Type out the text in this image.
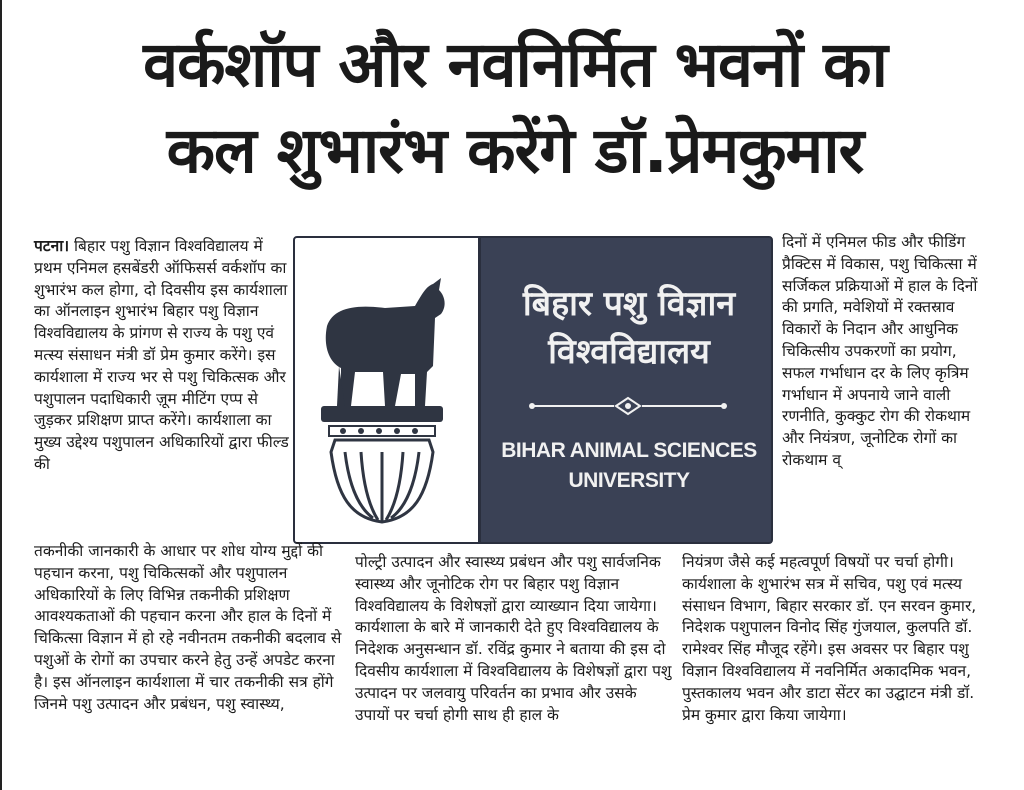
वर्कशॉप और नवनिर्मित भवनों का
कल शुभारंभ करेंगे डॉ.प्रेमकुमार

पटना। बिहार पशु विज्ञान विश्वविद्यालय में प्रथम एनिमल हसबेंडरी ऑफिसर्स वर्कशॉप का शुभारंभ कल होगा, दो दिवसीय इस कार्यशाला का ऑनलाइन शुभारंभ बिहार पशु विज्ञान विश्वविद्यालय के प्रांगण से राज्य के पशु एवं मत्स्य संसाधन मंत्री डॉ प्रेम कुमार करेंगे। इस कार्यशाला में राज्य भर से पशु चिकित्सक और पशुपालन पदाधिकारी ज़ूम मीटिंग एप्प से जुड़कर प्रशिक्षण प्राप्त करेंगे। कार्यशाला का मुख्य उद्देश्य पशुपालन अधिकारियों द्वारा फील्ड की

बिहार पशु विज्ञान
विश्वविद्यालय
BIHAR ANIMAL SCIENCES
UNIVERSITY

दिनों में एनिमल फीड और फीडिंग प्रैक्टिस में विकास, पशु चिकित्सा में सर्जिकल प्रक्रियाओं में हाल के दिनों की प्रगति, मवेशियों में रक्तस्राव विकारों के निदान और आधुनिक चिकित्सीय उपकरणों का प्रयोग, सफल गर्भाधान दर के लिए कृत्रिम गर्भाधान में अपनाये जाने वाली रणनीति, कुक्कुट रोग की रोकथाम और नियंत्रण, जूनोटिक रोगों का रोकथाम व्

तकनीकी जानकारी के आधार पर शोध योग्य मुद्दों की पहचान करना, पशु चिकित्सकों और पशुपालन अधिकारियों के लिए विभिन्न तकनीकी प्रशिक्षण आवश्यकताओं की पहचान करना और हाल के दिनों में चिकित्सा विज्ञान में हो रहे नवीनतम तकनीकी बदलाव से पशुओं के रोगों का उपचार करने हेतु उन्हें अपडेट करना है। इस ऑनलाइन कार्यशाला में चार तकनीकी सत्र होंगे जिनमे पशु उत्पादन और प्रबंधन, पशु स्वास्थ्य,

पोल्ट्री उत्पादन और स्वास्थ्य प्रबंधन और पशु सार्वजनिक स्वास्थ्य और जूनोटिक रोग पर बिहार पशु विज्ञान विश्वविद्यालय के विशेषज्ञों द्वारा व्याख्यान दिया जायेगा। कार्यशाला के बारे में जानकारी देते हुए विश्वविद्यालय के निदेशक अनुसन्धान डॉ. रविंद्र कुमार ने बताया की इस दो दिवसीय कार्यशाला में विश्वविद्यालय के विशेषज्ञों द्वारा पशु उत्पादन पर जलवायु परिवर्तन का प्रभाव और उसके उपायों पर चर्चा होगी साथ ही हाल के

नियंत्रण जैसे कई महत्वपूर्ण विषयों पर चर्चा होगी। कार्यशाला के शुभारंभ सत्र में सचिव, पशु एवं मत्स्य संसाधन विभाग, बिहार सरकार डॉ. एन सरवन कुमार, निदेशक पशुपालन विनोद सिंह गुंजयाल, कुलपति डॉ. रामेश्वर सिंह मौजूद रहेंगे। इस अवसर पर बिहार पशु विज्ञान विश्वविद्यालय में नवनिर्मित अकादमिक भवन, पुस्तकालय भवन और डाटा सेंटर का उद्घाटन मंत्री डॉ. प्रेम कुमार द्वारा किया जायेगा।
